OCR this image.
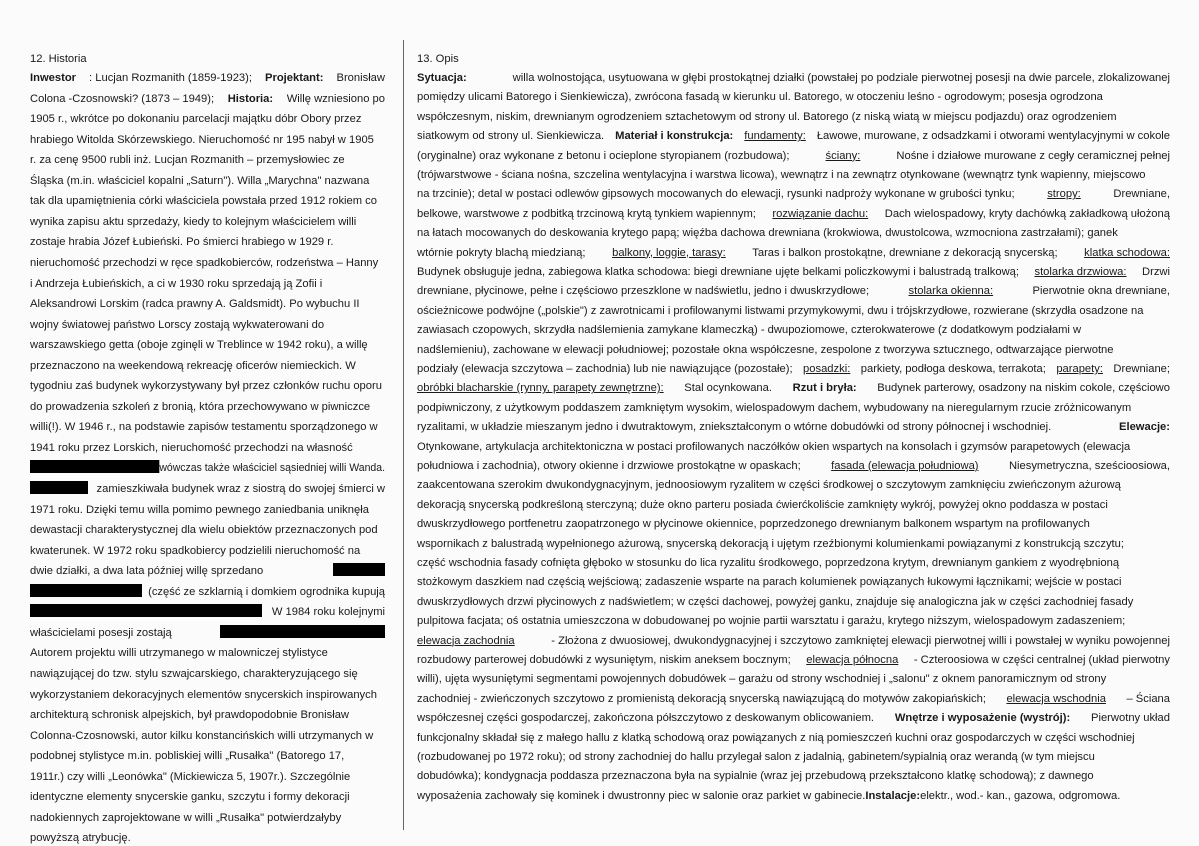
12. Historia
Inwestor : Lucjan Rozmanith (1859-1923); Projektant: Bronisław
Colona -Czosnowski? (1873 – 1949); Historia: Willę wzniesiono po
1905 r., wkrótce po dokonaniu parcelacji majątku dóbr Obory przez
hrabiego Witolda Skórzewskiego. Nieruchomość nr 195 nabył w 1905
r. za cenę 9500 rubli inż. Lucjan Rozmanith – przemysłowiec ze
Śląska (m.in. właściciel kopalni „Saturn"). Willa „Marychna" nazwana
tak dla upamiętnienia córki właściciela powstała przed 1912 rokiem co
wynika zapisu aktu sprzedaży, kiedy to kolejnym właścicielem willi
zostaje hrabia Józef Łubieński. Po śmierci hrabiego w 1929 r.
nieruchomość przechodzi w ręce spadkobierców, rodzeństwa – Hanny
i Andrzeja Łubieńskich, a ci w 1930 roku sprzedają ją Zofii i
Aleksandrowi Lorskim (radca prawny A. Galdsmidt). Po wybuchu II
wojny światowej państwo Lorscy zostają wykwaterowani do
warszawskiego getta (oboje zginęli w Treblince w 1942 roku), a willę
przeznaczono na weekendową rekreację oficerów niemieckich. W
tygodniu zaś budynek wykorzystywany był przez członków ruchu oporu
do prowadzenia szkoleń z bronią, która przechowywano w piwniczce
willi(!). W 1946 r., na podstawie zapisów testamentu sporządzonego w
1941 roku przez Lorskich, nieruchomość przechodzi na własność
wówczas także właściciel sąsiedniej willi Wanda.
zamieszkiwała budynek wraz z siostrą do swojej śmierci w
1971 roku. Dzięki temu willa pomimo pewnego zaniedbania uniknęła
dewastacji charakterystycznej dla wielu obiektów przeznaczonych pod
kwaterunek. W 1972 roku spadkobiercy podzielili nieruchomość na
dwie działki, a dwa lata później willę sprzedano
(część ze szklarnią i domkiem ogrodnika kupują
W 1984 roku kolejnymi
właścicielami posesji zostają
Autorem projektu willi utrzymanego w malowniczej stylistyce
nawiązującej do tzw. stylu szwajcarskiego, charakteryzującego się
wykorzystaniem dekoracyjnych elementów snycerskich inspirowanych
architekturą schronisk alpejskich, był prawdopodobnie Bronisław
Colonna-Czosnowski, autor kilku konstancińskich willi utrzymanych w
podobnej stylistyce m.in. pobliskiej willi „Rusałka" (Batorego 17,
1911r.) czy willi „Leonówka" (Mickiewicza 5, 1907r.). Szczególnie
identyczne elementy snycerskie ganku, szczytu i formy dekoracji
nadokiennych zaprojektowane w willi „Rusałka" potwierdzałyby
powyższą atrybucję.
13. Opis
Sytuacja:	willa wolnostojąca, usytuowana w głębi prostokątnej działki (powstałej po podziale pierwotnej posesji na dwie parcele, zlokalizowanej
pomiędzy ulicami Batorego i Sienkiewicza), zwrócona fasadą w kierunku ul. Batorego, w otoczeniu leśno - ogrodowym; posesja ogrodzona
współczesnym, niskim, drewnianym ogrodzeniem sztachetowym od strony ul. Batorego (z niską wiatą w miejscu podjazdu) oraz ogrodzeniem
siatkowym od strony ul. Sienkiewicza. Materiał i konstrukcja: fundamenty: Ławowe, murowane, z odsadzkami i otworami wentylacyjnymi w cokole
(oryginalne) oraz wykonane z betonu i ocieplone styropianem (rozbudowa);	ściany:	Nośne i działowe murowane z cegły ceramicznej pełnej
(trójwarstwowe - ściana nośna, szczelina wentylacyjna i warstwa licowa), wewnątrz i na zewnątrz otynkowane (wewnątrz tynk wapienny, miejscowo
na trzcinie); detal w postaci odlewów gipsowych mocowanych do elewacji, rysunki nadproży wykonane w grubości tynku;	stropy:	Drewniane,
belkowe, warstwowe z podbitką trzcinową krytą tynkiem wapiennym; rozwiązanie dachu: Dach wielospadowy, kryty dachówką zakładkową ułożoną
na łatach mocowanych do deskowania krytego papą; więźba dachowa drewniana (krokwiowa, dwustolcowa, wzmocniona zastrzałami); ganek
wtórnie pokryty blachą miedzianą; balkony, loggie, tarasy: Taras i balkon prostokątne, drewniane z dekoracją snycerską; klatka schodowa:
Budynek obsługuje jedna, zabiegowa klatka schodowa: biegi drewniane ujęte belkami policzkowymi i balustradą tralkową; stolarka drzwiowa: Drzwi
drewniane, płycinowe, pełne i częściowo przeszklone w nadświetlu, jedno i dwuskrzydłowe;	stolarka okienna:	Pierwotnie okna drewniane,
ościeżnicowe podwójne („polskie") z zawrotnicami i profilowanymi listwami przymykowymi, dwu i trójskrzydłowe, rozwierane (skrzydła osadzone na
zawiasach czopowych, skrzydła nadślemienia zamykane klameczką) - dwupoziomowe, czterokwaterowe (z dodatkowym podziałami w
nadślemieniu), zachowane w elewacji południowej; pozostałe okna współczesne, zespolone z tworzywa sztucznego, odtwarzające pierwotne
podziały (elewacja szczytowa – zachodnia) lub nie nawiązujące (pozostałe); posadzki: parkiety, podłoga deskowa, terrakota; parapety: Drewniane;
obróbki blacharskie (rynny, parapety zewnętrzne): Stal ocynkowana. Rzut i bryła: Budynek parterowy, osadzony na niskim cokole, częściowo
podpiwniczony, z użytkowym poddaszem zamkniętym wysokim, wielospadowym dachem, wybudowany na nieregularnym rzucie zróżnicowanym
ryzalitami, w układzie mieszanym jedno i dwutraktowym, zniekształconym o wtórne dobudówki od strony północnej i wschodniej.	Elewacje:
Otynkowane, artykulacja architektoniczna w postaci profilowanych naczółków okien wspartych na konsolach i gzymsów parapetowych (elewacja
południowa i zachodnia), otwory okienne i drzwiowe prostokątne w opaskach;	fasada (elewacja południowa)	Niesymetryczna, sześcioosiowa,
zaakcentowana szerokim dwukondygnacyjnym, jednoosiowym ryzalitem w części środkowej o szczytowym zamknięciu zwieńczonym ażurową
dekoracją snycerską podkreśloną sterczyną; duże okno parteru posiada ćwierćkoliście zamknięty wykrój, powyżej okno poddasza w postaci
dwuskrzydłowego portfenetru zaopatrzonego w płycinowe okiennice, poprzedzonego drewnianym balkonem wspartym na profilowanych
wspornikach z balustradą wypełnionego ażurową, snycerską dekoracją i ujętym rzeźbionymi kolumienkami powiązanymi z konstrukcją szczytu;
część wschodnia fasady cofnięta głęboko w stosunku do lica ryzalitu środkowego, poprzedzona krytym, drewnianym gankiem z wyodrębnioną
stożkowym daszkiem nad częścią wejściową; zadaszenie wsparte na parach kolumienek powiązanych łukowymi łącznikami; wejście w postaci
dwuskrzydłowych drzwi płycinowych z nadświetlem; w części dachowej, powyżej ganku, znajduje się analogiczna jak w części zachodniej fasady
pulpitowa facjata; oś ostatnia umieszczona w dobudowanej po wojnie partii warsztatu i garażu, krytego niższym, wielospadowym zadaszeniem;
elewacja zachodnia	- Złożona z dwuosiowej, dwukondygnacyjnej i szczytowo zamkniętej elewacji pierwotnej willi i powstałej w wyniku powojennej
rozbudowy parterowej dobudówki z wysuniętym, niskim aneksem bocznym; elewacja północna - Czteroosiowa w części centralnej (układ pierwotny
willi), ujęta wysuniętymi segmentami powojennych dobudówek – garażu od strony wschodniej i „salonu" z oknem panoramicznym od strony
zachodniej - zwieńczonych szczytowo z promienistą dekoracją snycerską nawiązującą do motywów zakopiańskich; elewacja wschodnia – Ściana
współczesnej części gospodarczej, zakończona półszczytowo z deskowanym oblicowaniem. Wnętrze i wyposażenie (wystrój): Pierwotny układ
funkcjonalny składał się z małego hallu z klatką schodową oraz powiązanych z nią pomieszczeń kuchni oraz gospodarczych w części wschodniej
(rozbudowanej po 1972 roku); od strony zachodniej do hallu przylegał salon z jadalnią, gabinetem/sypialnią oraz werandą (w tym miejscu
dobudówka); kondygnacja poddasza przeznaczona była na sypialnie (wraz jej przebudową przekształcono klatkę schodową); z dawnego
wyposażenia zachowały się kominek i dwustronny piec w salonie oraz parkiet w gabinecie. Instalacje: elektr., wod.- kan., gazowa, odgromowa.
